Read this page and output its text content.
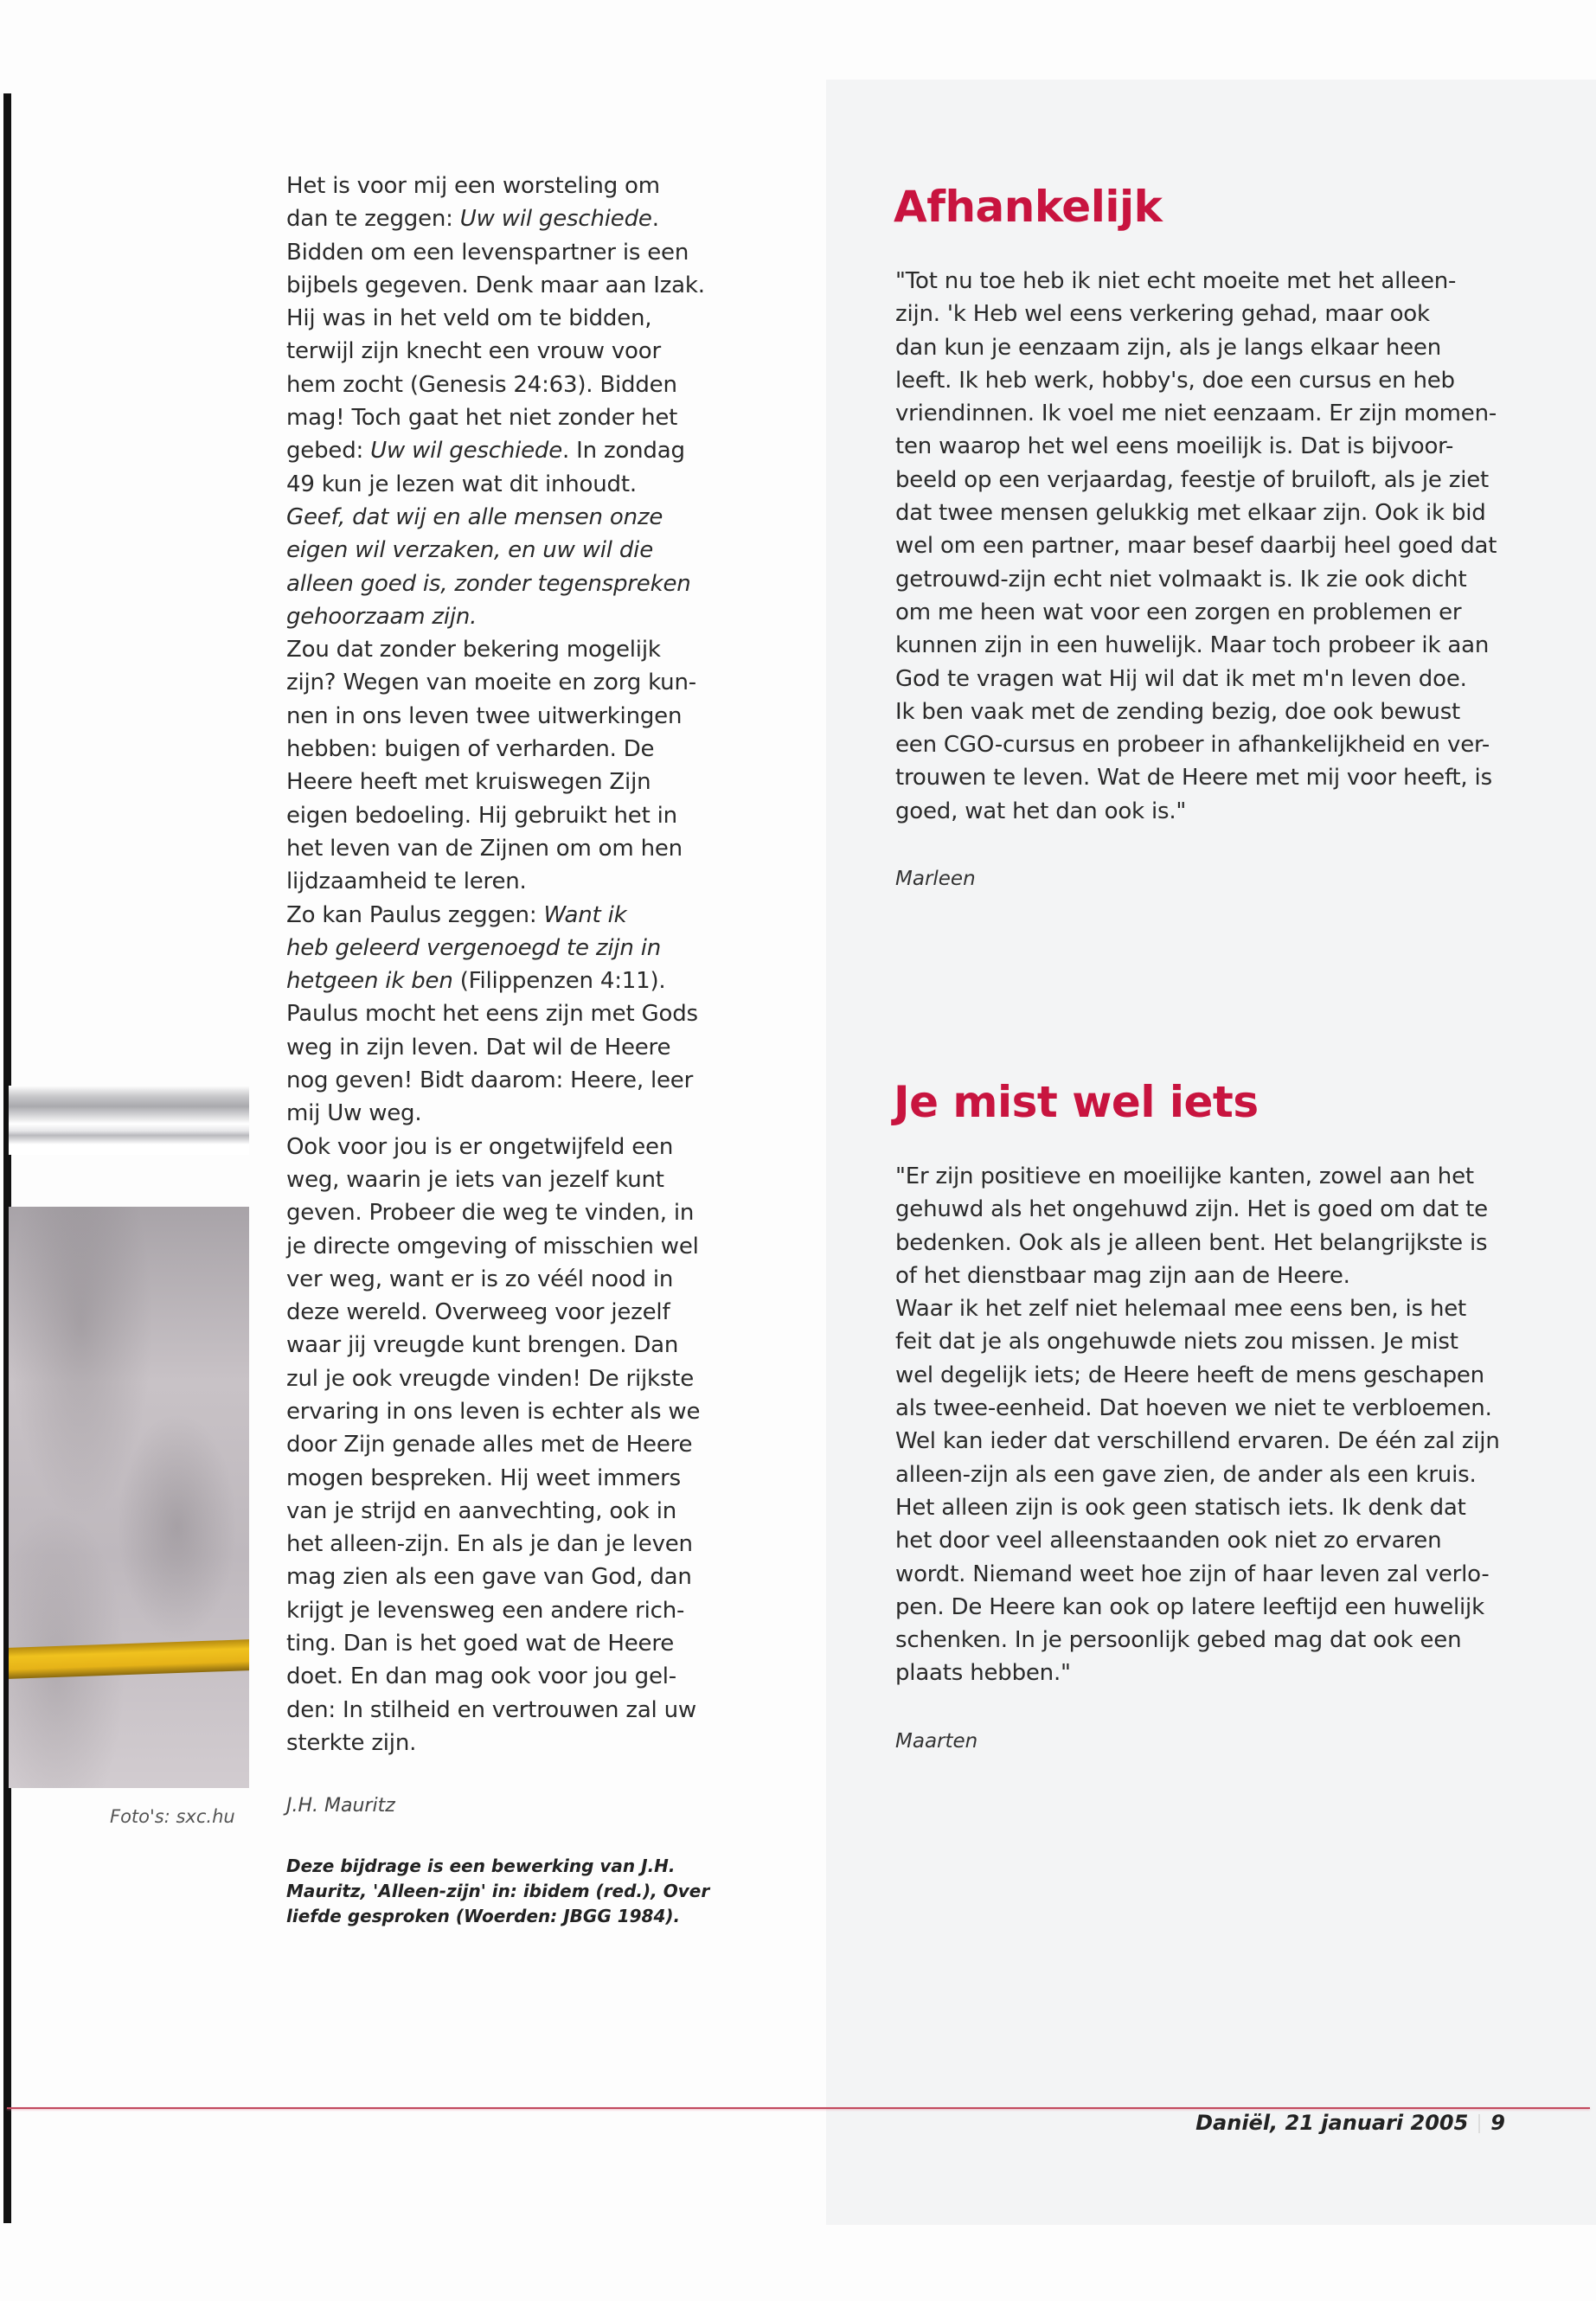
Het is voor mij een worsteling om
dan te zeggen: Uw wil geschiede.
Bidden om een levenspartner is een
bijbels gegeven. Denk maar aan Izak.
Hij was in het veld om te bidden,
terwijl zijn knecht een vrouw voor
hem zocht (Genesis 24:63). Bidden
mag! Toch gaat het niet zonder het
gebed: Uw wil geschiede. In zondag
49 kun je lezen wat dit inhoudt.
Geef, dat wij en alle mensen onze
eigen wil verzaken, en uw wil die
alleen goed is, zonder tegenspreken
gehoorzaam zijn.
Zou dat zonder bekering mogelijk
zijn? Wegen van moeite en zorg kun-
nen in ons leven twee uitwerkingen
hebben: buigen of verharden. De
Heere heeft met kruiswegen Zijn
eigen bedoeling. Hij gebruikt het in
het leven van de Zijnen om om hen
lijdzaamheid te leren.
Zo kan Paulus zeggen: Want ik
heb geleerd vergenoegd te zijn in
hetgeen ik ben (Filippenzen 4:11).
Paulus mocht het eens zijn met Gods
weg in zijn leven. Dat wil de Heere
nog geven! Bidt daarom: Heere, leer
mij Uw weg.
Ook voor jou is er ongetwijfeld een
weg, waarin je iets van jezelf kunt
geven. Probeer die weg te vinden, in
je directe omgeving of misschien wel
ver weg, want er is zo véél nood in
deze wereld. Overweeg voor jezelf
waar jij vreugde kunt brengen. Dan
zul je ook vreugde vinden! De rijkste
ervaring in ons leven is echter als we
door Zijn genade alles met de Heere
mogen bespreken. Hij weet immers
van je strijd en aanvechting, ook in
het alleen-zijn. En als je dan je leven
mag zien als een gave van God, dan
krijgt je levensweg een andere rich-
ting. Dan is het goed wat de Heere
doet. En dan mag ook voor jou gel-
den: In stilheid en vertrouwen zal uw
sterkte zijn.
Foto's: sxc.hu	J.H. Mauritz
Deze bijdrage is een bewerking van J.H.
Mauritz, 'Alleen-zijn' in: ibidem (red.), Over
liefde gesproken (Woerden: JBGG 1984).
Afhankelijk
"Tot nu toe heb ik niet echt moeite met het alleen-
zijn. 'k Heb wel eens verkering gehad, maar ook
dan kun je eenzaam zijn, als je langs elkaar heen
leeft. Ik heb werk, hobby's, doe een cursus en heb
vriendinnen. Ik voel me niet eenzaam. Er zijn momen-
ten waarop het wel eens moeilijk is. Dat is bijvoor-
beeld op een verjaardag, feestje of bruiloft, als je ziet
dat twee mensen gelukkig met elkaar zijn. Ook ik bid
wel om een partner, maar besef daarbij heel goed dat
getrouwd-zijn echt niet volmaakt is. Ik zie ook dicht
om me heen wat voor een zorgen en problemen er
kunnen zijn in een huwelijk. Maar toch probeer ik aan
God te vragen wat Hij wil dat ik met m'n leven doe.
Ik ben vaak met de zending bezig, doe ook bewust
een CGO-cursus en probeer in afhankelijkheid en ver-
trouwen te leven. Wat de Heere met mij voor heeft, is
goed, wat het dan ook is."
Marleen
Je mist wel iets
"Er zijn positieve en moeilijke kanten, zowel aan het
gehuwd als het ongehuwd zijn. Het is goed om dat te
bedenken. Ook als je alleen bent. Het belangrijkste is
of het dienstbaar mag zijn aan de Heere.
Waar ik het zelf niet helemaal mee eens ben, is het
feit dat je als ongehuwde niets zou missen. Je mist
wel degelijk iets; de Heere heeft de mens geschapen
als twee-eenheid. Dat hoeven we niet te verbloemen.
Wel kan ieder dat verschillend ervaren. De één zal zijn
alleen-zijn als een gave zien, de ander als een kruis.
Het alleen zijn is ook geen statisch iets. Ik denk dat
het door veel alleenstaanden ook niet zo ervaren
wordt. Niemand weet hoe zijn of haar leven zal verlo-
pen. De Heere kan ook op latere leeftijd een huwelijk
schenken. In je persoonlijk gebed mag dat ook een
plaats hebben."
Maarten
Daniël, 21 januari 2005 9
